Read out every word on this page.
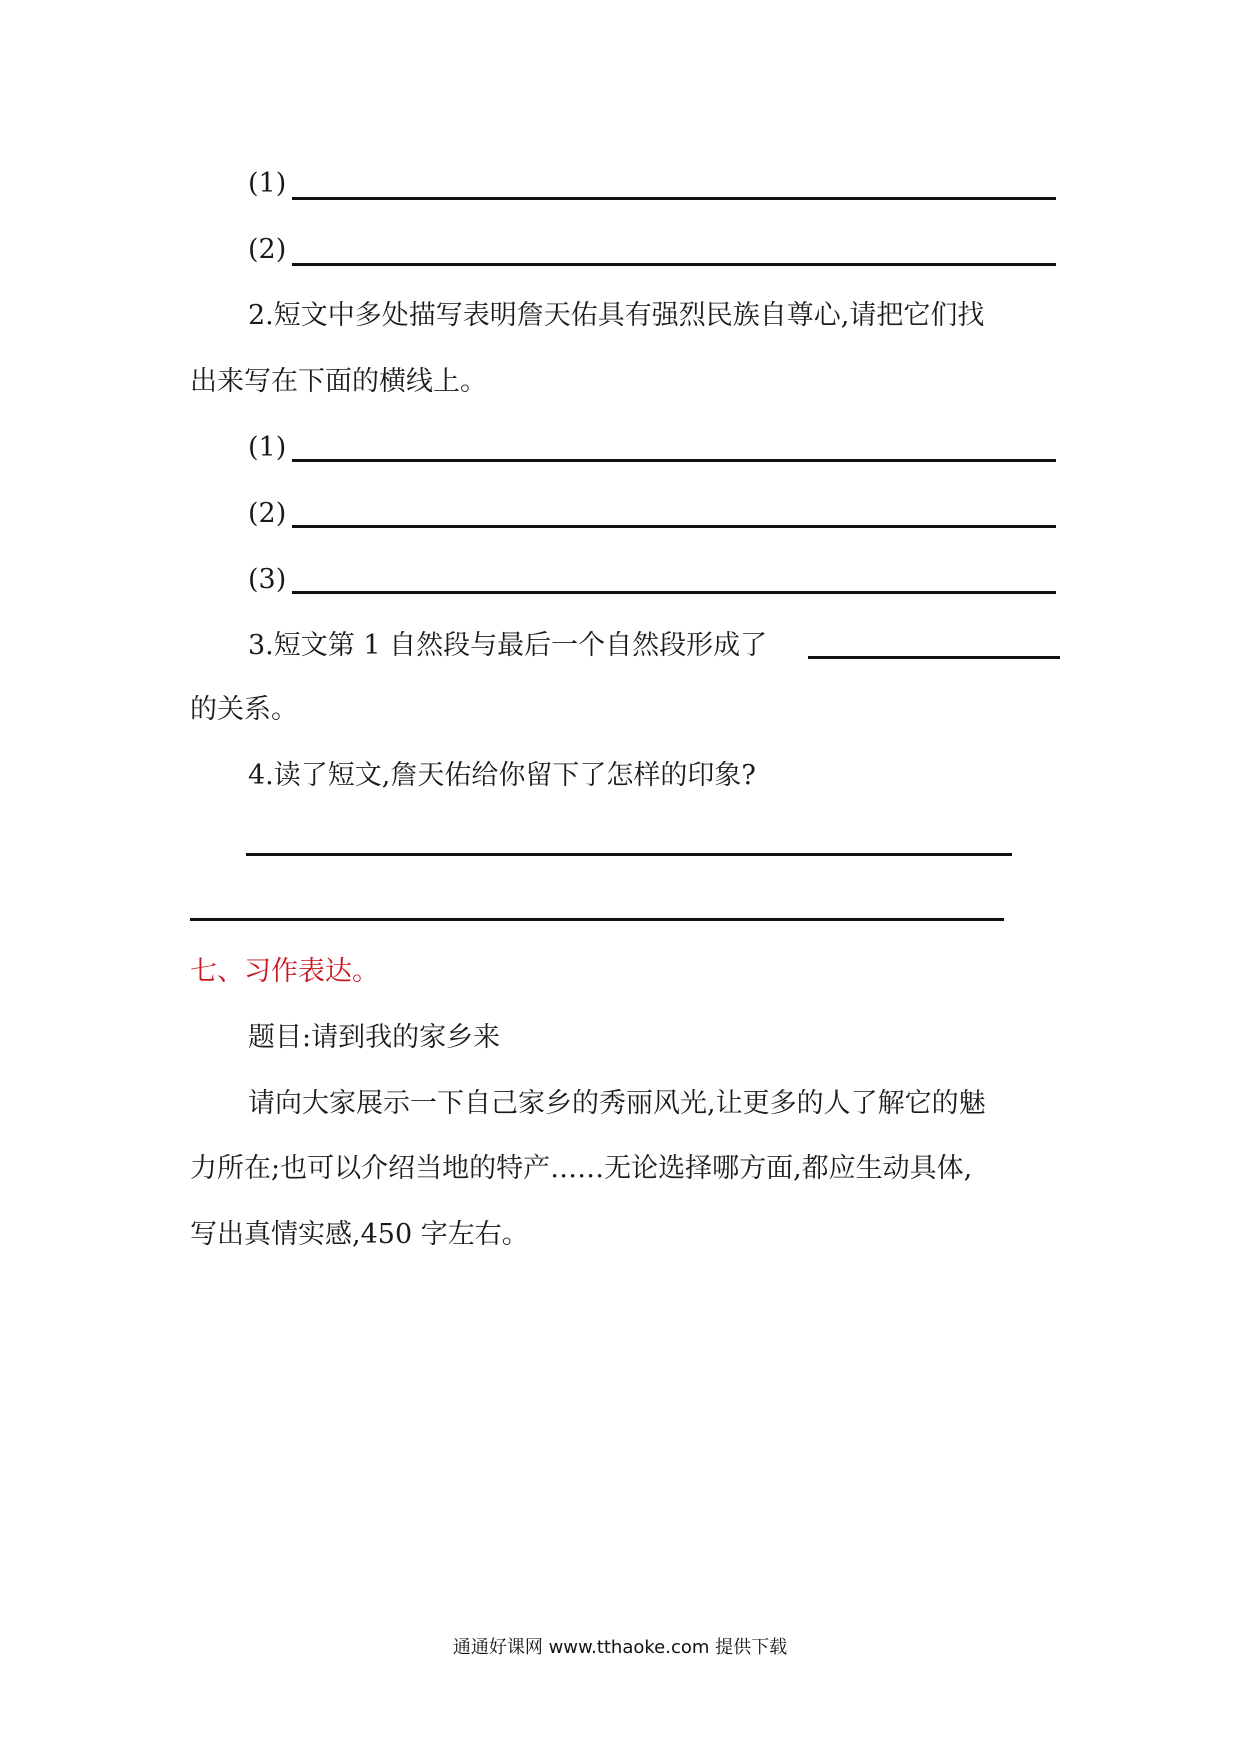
(1)
(2)
2.短文中多处描写表明詹天佑具有强烈民族自尊心,请把它们找
出来写在下面的横线上。
(1)
(2)
(3)
3.短文第 1 自然段与最后一个自然段形成了
的关系。
4.读了短文,詹天佑给你留下了怎样的印象?
七、习作表达。
题目:请到我的家乡来
请向大家展示一下自己家乡的秀丽风光,让更多的人了解它的魅
力所在;也可以介绍当地的特产……无论选择哪方面,都应生动具体,
写出真情实感,450 字左右。
通通好课网 www.tthaoke.com 提供下载
